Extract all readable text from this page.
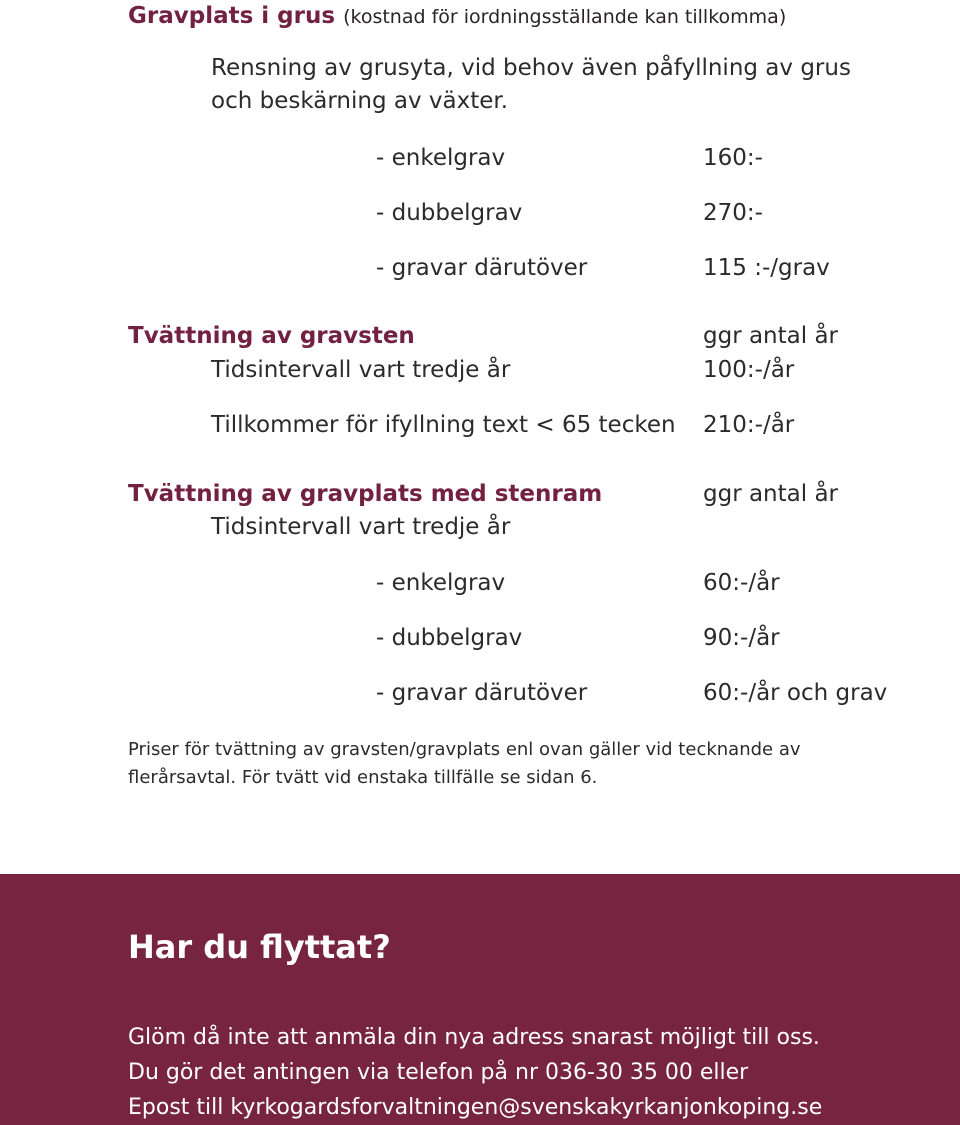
Gravplats i grus (kostnad för iordningsställande kan tillkomma)

Rensning av grusyta, vid behov även påfyllning av grus

och beskärning av växter.

- enkelgrav	160:-

- dubbelgrav	270:-

- gravar därutöver	115 :-/grav

Tvättning av gravsten	ggr antal år

Tidsintervall vart tredje år	100:-/år

Tillkommer för ifyllning text < 65 tecken 210:-/år

Tvättning av gravplats med stenram	ggr antal år

Tidsintervall vart tredje år

- enkelgrav	60:-/år

- dubbelgrav	90:-/år

- gravar därutöver	60:-/år och grav

Priser för tvättning av gravsten/gravplats enl ovan gäller vid tecknande av
flerårsavtal. För tvätt vid enstaka tillfälle se sidan 6.

Har du flyttat?

Glöm då inte att anmäla din nya adress snarast möjligt till oss.
Du gör det antingen via telefon på nr 036-30 35 00 eller
Epost till kyrkogardsforvaltningen@svenskakyrkanjonkoping.se
